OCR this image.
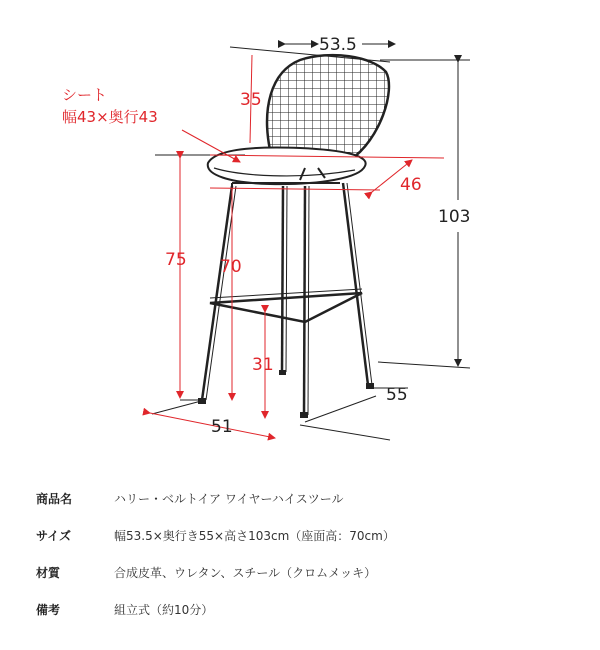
シート
幅43×奥行43
53.5
35
46
103
75 70
31
55
51
商品名	ハリー・ベルトイア ワイヤーハイスツール
サイズ	幅53.5×奥行き55×高さ103cm（座面高：70cm）
材質	合成皮革、ウレタン、スチール（クロムメッキ）
備考	組立式（約10分）
